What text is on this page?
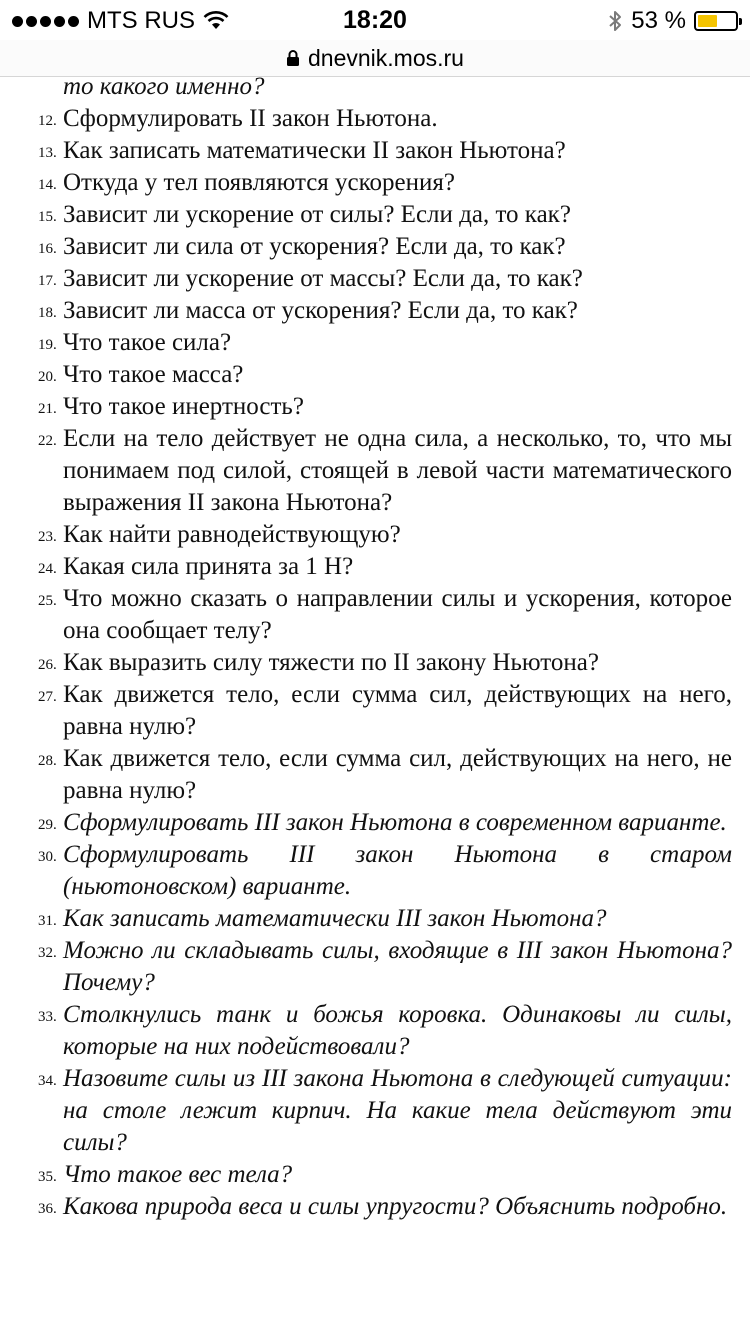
MTS RUS	18:20	53 %
dnevnik.mos.ru
то какого именно?
12. Сформулировать II закон Ньютона.
13. Как записать математически II закон Ньютона?
14. Откуда у тел появляются ускорения?
15. Зависит ли ускорение от силы? Если да, то как?
16. Зависит ли сила от ускорения? Если да, то как?
17. Зависит ли ускорение от массы? Если да, то как?
18. Зависит ли масса от ускорения? Если да, то как?
19. Что такое сила?
20. Что такое масса?
21. Что такое инертность?
22. Если на тело действует не одна сила, а несколько, то, что мы понимаем под силой, стоящей в левой части математического выражения II закона Ньютона?
23. Как найти равнодействующую?
24. Какая сила принята за 1 Н?
25. Что можно сказать о направлении силы и ускорения, которое она сообщает телу?
26. Как выразить силу тяжести по II закону Ньютона?
27. Как движется тело, если сумма сил, действующих на него, равна нулю?
28. Как движется тело, если сумма сил, действующих на него, не равна нулю?
29. Сформулировать III закон Ньютона в современном варианте.
30. Сформулировать III закон Ньютона в старом (ньютоновском) варианте.
31. Как записать математически III закон Ньютона?
32. Можно ли складывать силы, входящие в III закон Ньютона? Почему?
33. Столкнулись танк и божья коровка. Одинаковы ли силы, которые на них подействовали?
34. Назовите силы из III закона Ньютона в следующей ситуации: на столе лежит кирпич. На какие тела действуют эти силы?
35. Что такое вес тела?
36. Какова природа веса и силы упругости? Объяснить подробно.
